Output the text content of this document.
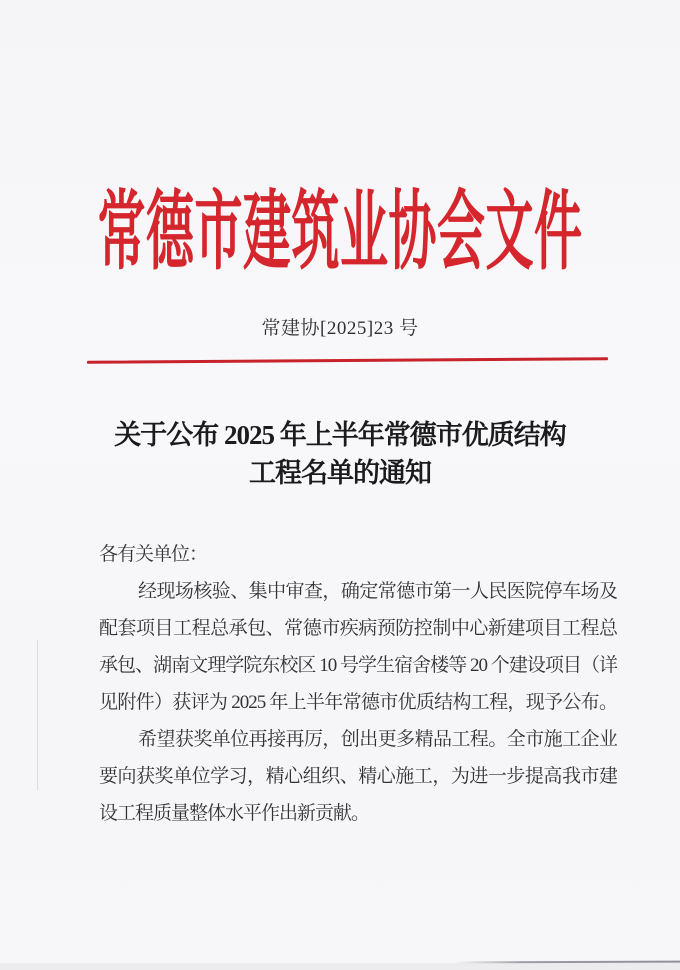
常德市建筑业协会文件
常建协[2025]23 号
关于公布 2025 年上半年常德市优质结构
工程名单的通知
各有关单位：
经现场核验、集中审查，确定常德市第一人民医院停车场及
配套项目工程总承包、常德市疾病预防控制中心新建项目工程总
承包、湖南文理学院东校区 10 号学生宿舍楼等 20 个建设项目（详
见附件）获评为 2025 年上半年常德市优质结构工程，现予公布。
希望获奖单位再接再厉，创出更多精品工程。全市施工企业
要向获奖单位学习，精心组织、精心施工，为进一步提高我市建
设工程质量整体水平作出新贡献。
